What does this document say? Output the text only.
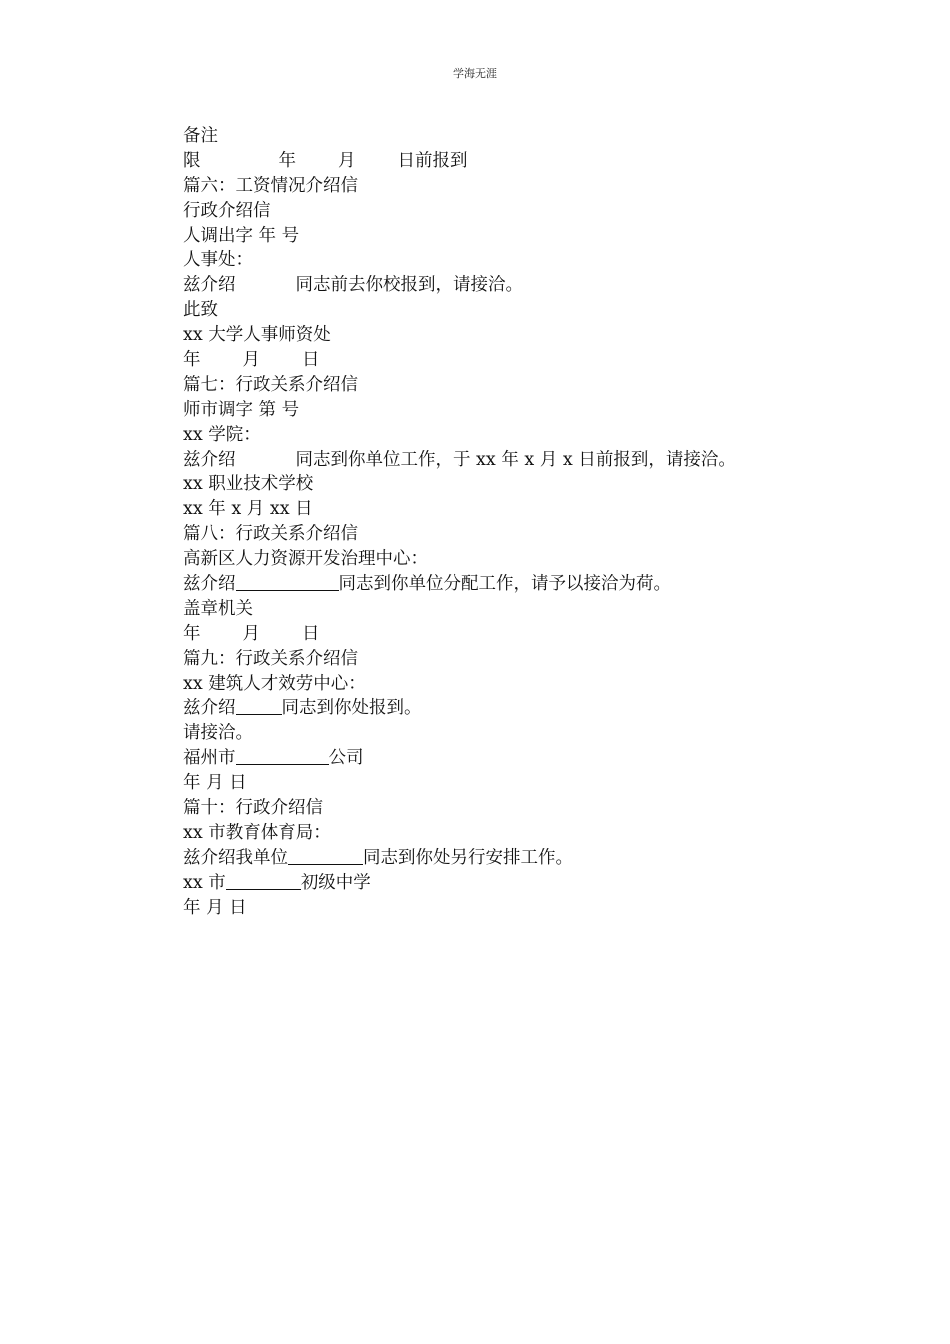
学海无涯
备注
限	年 月 日前报到
篇六：工资情况介绍信
行政介绍信
人调出字 年 号
人事处：
兹介绍	同志前去你校报到，请接洽。
此致
xx 大学人事师资处
年 月 日
篇七：行政关系介绍信
师市调字 第 号
xx 学院：
兹介绍	同志到你单位工作，于 xx 年 x 月 x 日前报到，请接洽。
xx 职业技术学校
xx 年 x 月 xx 日
篇八：行政关系介绍信
高新区人力资源开发治理中心：
兹介绍	同志到你单位分配工作，请予以接洽为荷。
盖章机关
年 月 日
篇九：行政关系介绍信
xx 建筑人才效劳中心：
兹介绍	同志到你处报到。
请接洽。
福州市	公司
年 月 日
篇十：行政介绍信
xx 市教育体育局：
兹介绍我单位	同志到你处另行安排工作。
xx 市	初级中学
年 月 日
